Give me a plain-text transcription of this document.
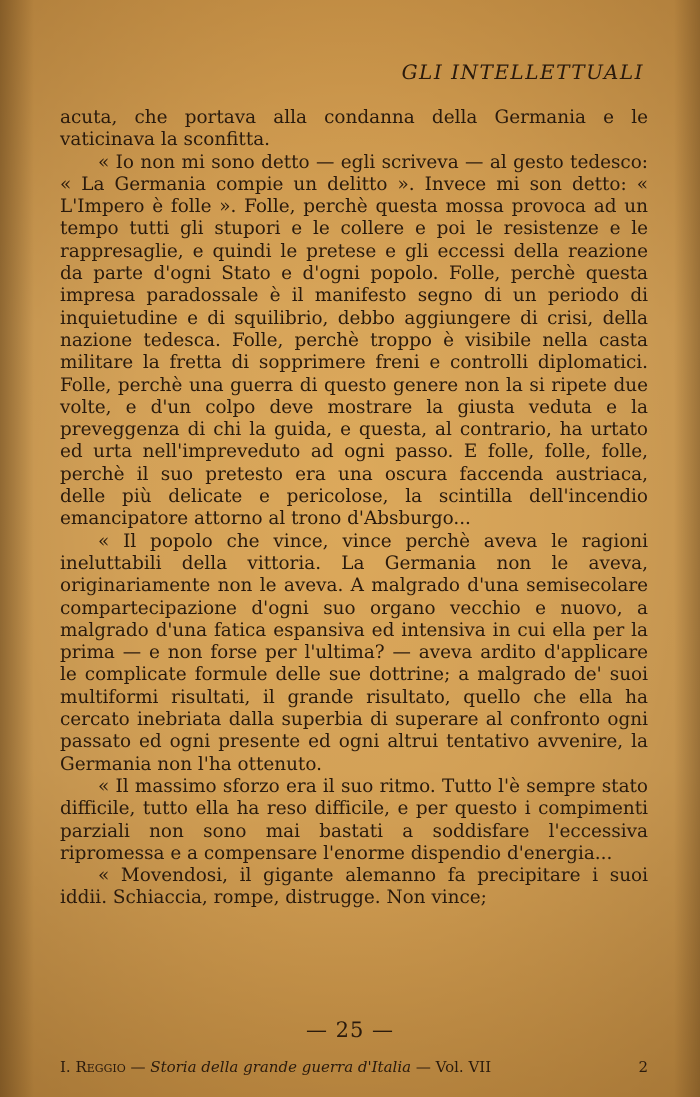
GLI INTELLETTUALI

acuta, che portava alla condanna della Germania e le vaticinava la sconfitta.

« Io non mi sono detto — egli scriveva — al gesto tedesco: « La Germania compie un delitto ». Invece mi son detto: « L'Impero è folle ». Folle, perchè questa mossa provoca ad un tempo tutti gli stupori e le collere e poi le resistenze e le rappresaglie, e quindi le pretese e gli eccessi della reazione da parte d'ogni Stato e d'ogni popolo. Folle, perchè questa impresa paradossale è il manifesto segno di un periodo di inquietudine e di squilibrio, debbo aggiungere di crisi, della nazione tedesca. Folle, perchè troppo è visibile nella casta militare la fretta di sopprimere freni e controlli diplomatici. Folle, perchè una guerra di questo genere non la si ripete due volte, e d'un colpo deve mostrare la giusta veduta e la preveggenza di chi la guida, e questa, al contrario, ha urtato ed urta nell'impreveduto ad ogni passo. E folle, folle, folle, perchè il suo pretesto era una oscura faccenda austriaca, delle più delicate e pericolose, la scintilla dell'incendio emancipatore attorno al trono d'Absburgo...

« Il popolo che vince, vince perchè aveva le ragioni ineluttabili della vittoria. La Germania non le aveva, originariamente non le aveva. A malgrado d'una semisecolare compartecipazione d'ogni suo organo vecchio e nuovo, a malgrado d'una fatica espansiva ed intensiva in cui ella per la prima — e non forse per l'ultima? — aveva ardito d'applicare le complicate formule delle sue dottrine; a malgrado de' suoi multiformi risultati, il grande risultato, quello che ella ha cercato inebriata dalla superbia di superare al confronto ogni passato ed ogni presente ed ogni altrui tentativo avvenire, la Germania non l'ha ottenuto.

« Il massimo sforzo era il suo ritmo. Tutto l'è sempre stato difficile, tutto ella ha reso difficile, e per questo i compimenti parziali non sono mai bastati a soddisfare l'eccessiva ripromessa e a compensare l'enorme dispendio d'energia...

« Movendosi, il gigante alemanno fa precipitare i suoi iddii. Schiaccia, rompe, distrugge. Non vince;

— 25 —
I. Reggio — Storia della grande guerra d'Italia — Vol. VII	2
